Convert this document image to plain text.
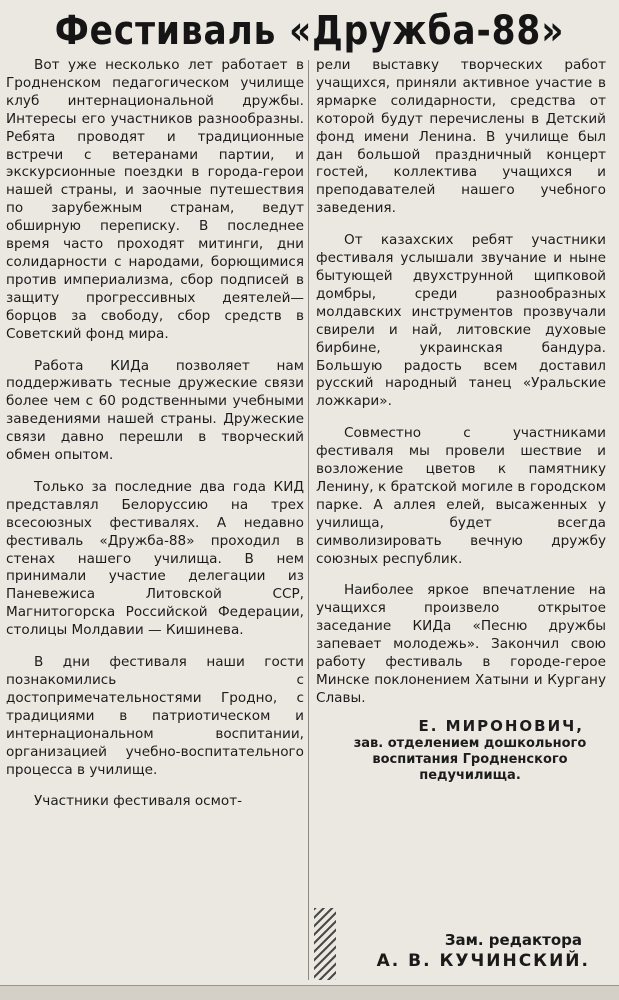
Фестиваль «Дружба-88»

Вот уже несколько лет работает в Гродненском педагогическом училище клуб интернациональной дружбы. Интересы его участников разнообразны. Ребята проводят и традиционные встречи с ветеранами партии, и экскурсионные поездки в города-герои нашей страны, и заочные путешествия по зарубежным странам, ведут обширную переписку. В последнее время часто проходят митинги, дни солидарности с народами, борющимися против империализма, сбор подписей в защиту прогрессивных деятелей—борцов за свободу, сбор средств в Советский фонд мира.

Работа КИДа позволяет нам поддерживать тесные дружеские связи более чем с 60 родственными учебными заведениями нашей страны. Дружеские связи давно перешли в творческий обмен опытом.

Только за последние два года КИД представлял Белоруссию на трех всесоюзных фестивалях. А недавно фестиваль «Дружба-88» проходил в стенах нашего училища. В нем принимали участие делегации из Паневежиса Литовской ССР, Магнитогорска Российской Федерации, столицы Молдавии — Кишинева.

В дни фестиваля наши гости познакомились с достопримечательностями Гродно, с традициями в патриотическом и интернациональном воспитании, организацией учебно-воспитательного процесса в училище.

Участники фестиваля осмот-

рели выставку творческих работ учащихся, приняли активное участие в ярмарке солидарности, средства от которой будут перечислены в Детский фонд имени Ленина. В училище был дан большой праздничный концерт гостей, коллектива учащихся и преподавателей нашего учебного заведения.

От казахских ребят участники фестиваля услышали звучание и ныне бытующей двухструнной щипковой домбры, среди разнообразных молдавских инструментов прозвучали свирели и най, литовские духовые бирбине, украинская бандура. Большую радость всем доставил русский народный танец «Уральские ложкари».

Совместно с участниками фестиваля мы провели шествие и возложение цветов к памятнику Ленину, к братской могиле в городском парке. А аллея елей, высаженных у училища, будет всегда символизировать вечную дружбу союзных республик.

Наиболее яркое впечатление на учащихся произвело открытое заседание КИДа «Песню дружбы запевает молодежь». Закончил свою работу фестиваль в городе-герое Минске поклонением Хатыни и Кургану Славы.

Е. МИРОНОВИЧ,
зав. отделением дошкольного воспитания Гродненского педучилища.
Зам. редактора
А. В. КУЧИНСКИЙ.
